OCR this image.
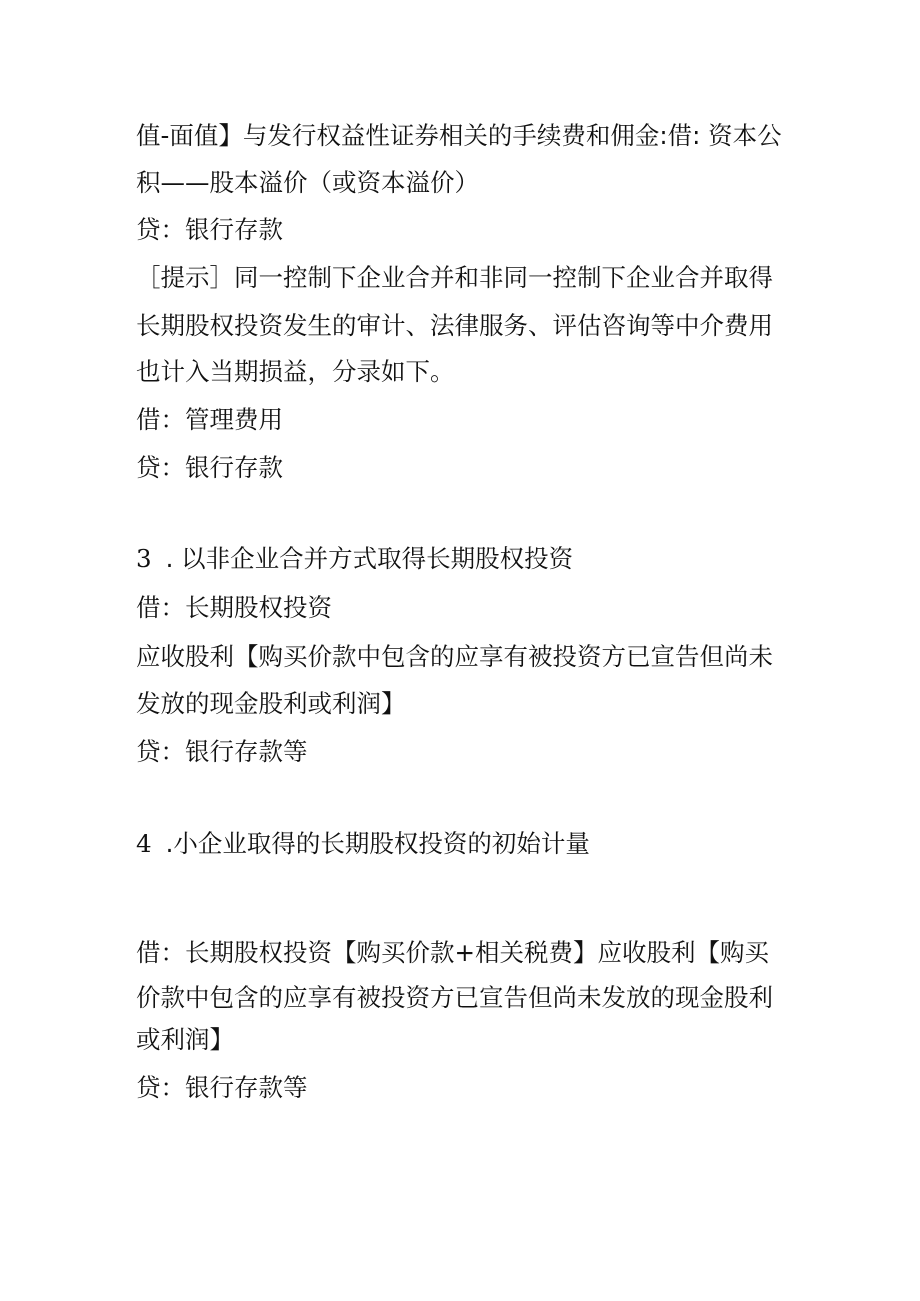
值-面值】与发行权益性证券相关的手续费和佣金:借: 资本公
积——股本溢价（或资本溢价）
贷：银行存款
［提示］同一控制下企业合并和非同一控制下企业合并取得
长期股权投资发生的审计、法律服务、评估咨询等中介费用
也计入当期损益，分录如下。
借：管理费用
贷：银行存款
3 . 以非企业合并方式取得长期股权投资
借：长期股权投资
应收股利【购买价款中包含的应享有被投资方已宣告但尚未
发放的现金股利或利润】
贷：银行存款等
4 .小企业取得的长期股权投资的初始计量
借：长期股权投资【购买价款+相关税费】应收股利【购买
价款中包含的应享有被投资方已宣告但尚未发放的现金股利
或利润】
贷：银行存款等
